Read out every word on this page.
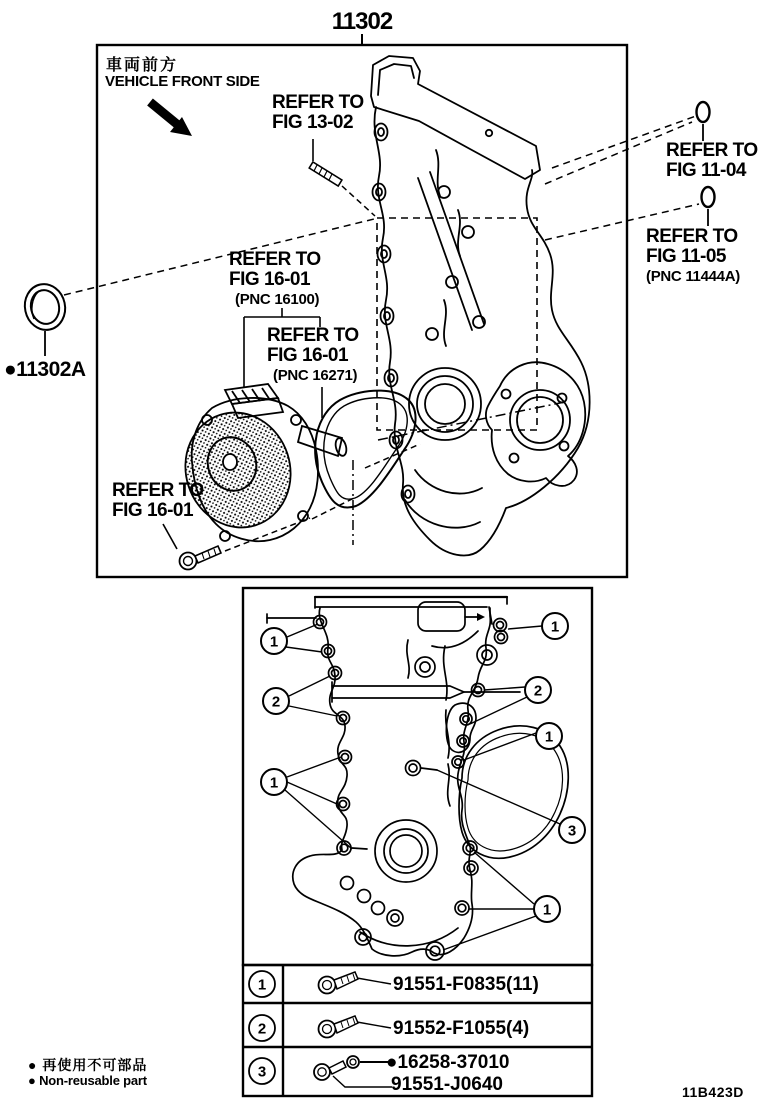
1
1
2
2
1
1
3
1
1
2
3
11302
車両前方
VEHICLE FRONT SIDE
REFER TO
FIG 13-02
REFER TO
FIG 11-04
REFER TO
FIG 11-05
(PNC 11444A)
REFER TO
FIG 16-01
(PNC 16100)
REFER TO
FIG 16-01
(PNC 16271)
REFER TO
FIG 16-01
●11302A
91551-F0835(11)
91552-F1055(4)
●16258-37010
91551-J0640
● 再使用不可部品
● Non-reusable part
11B423D
